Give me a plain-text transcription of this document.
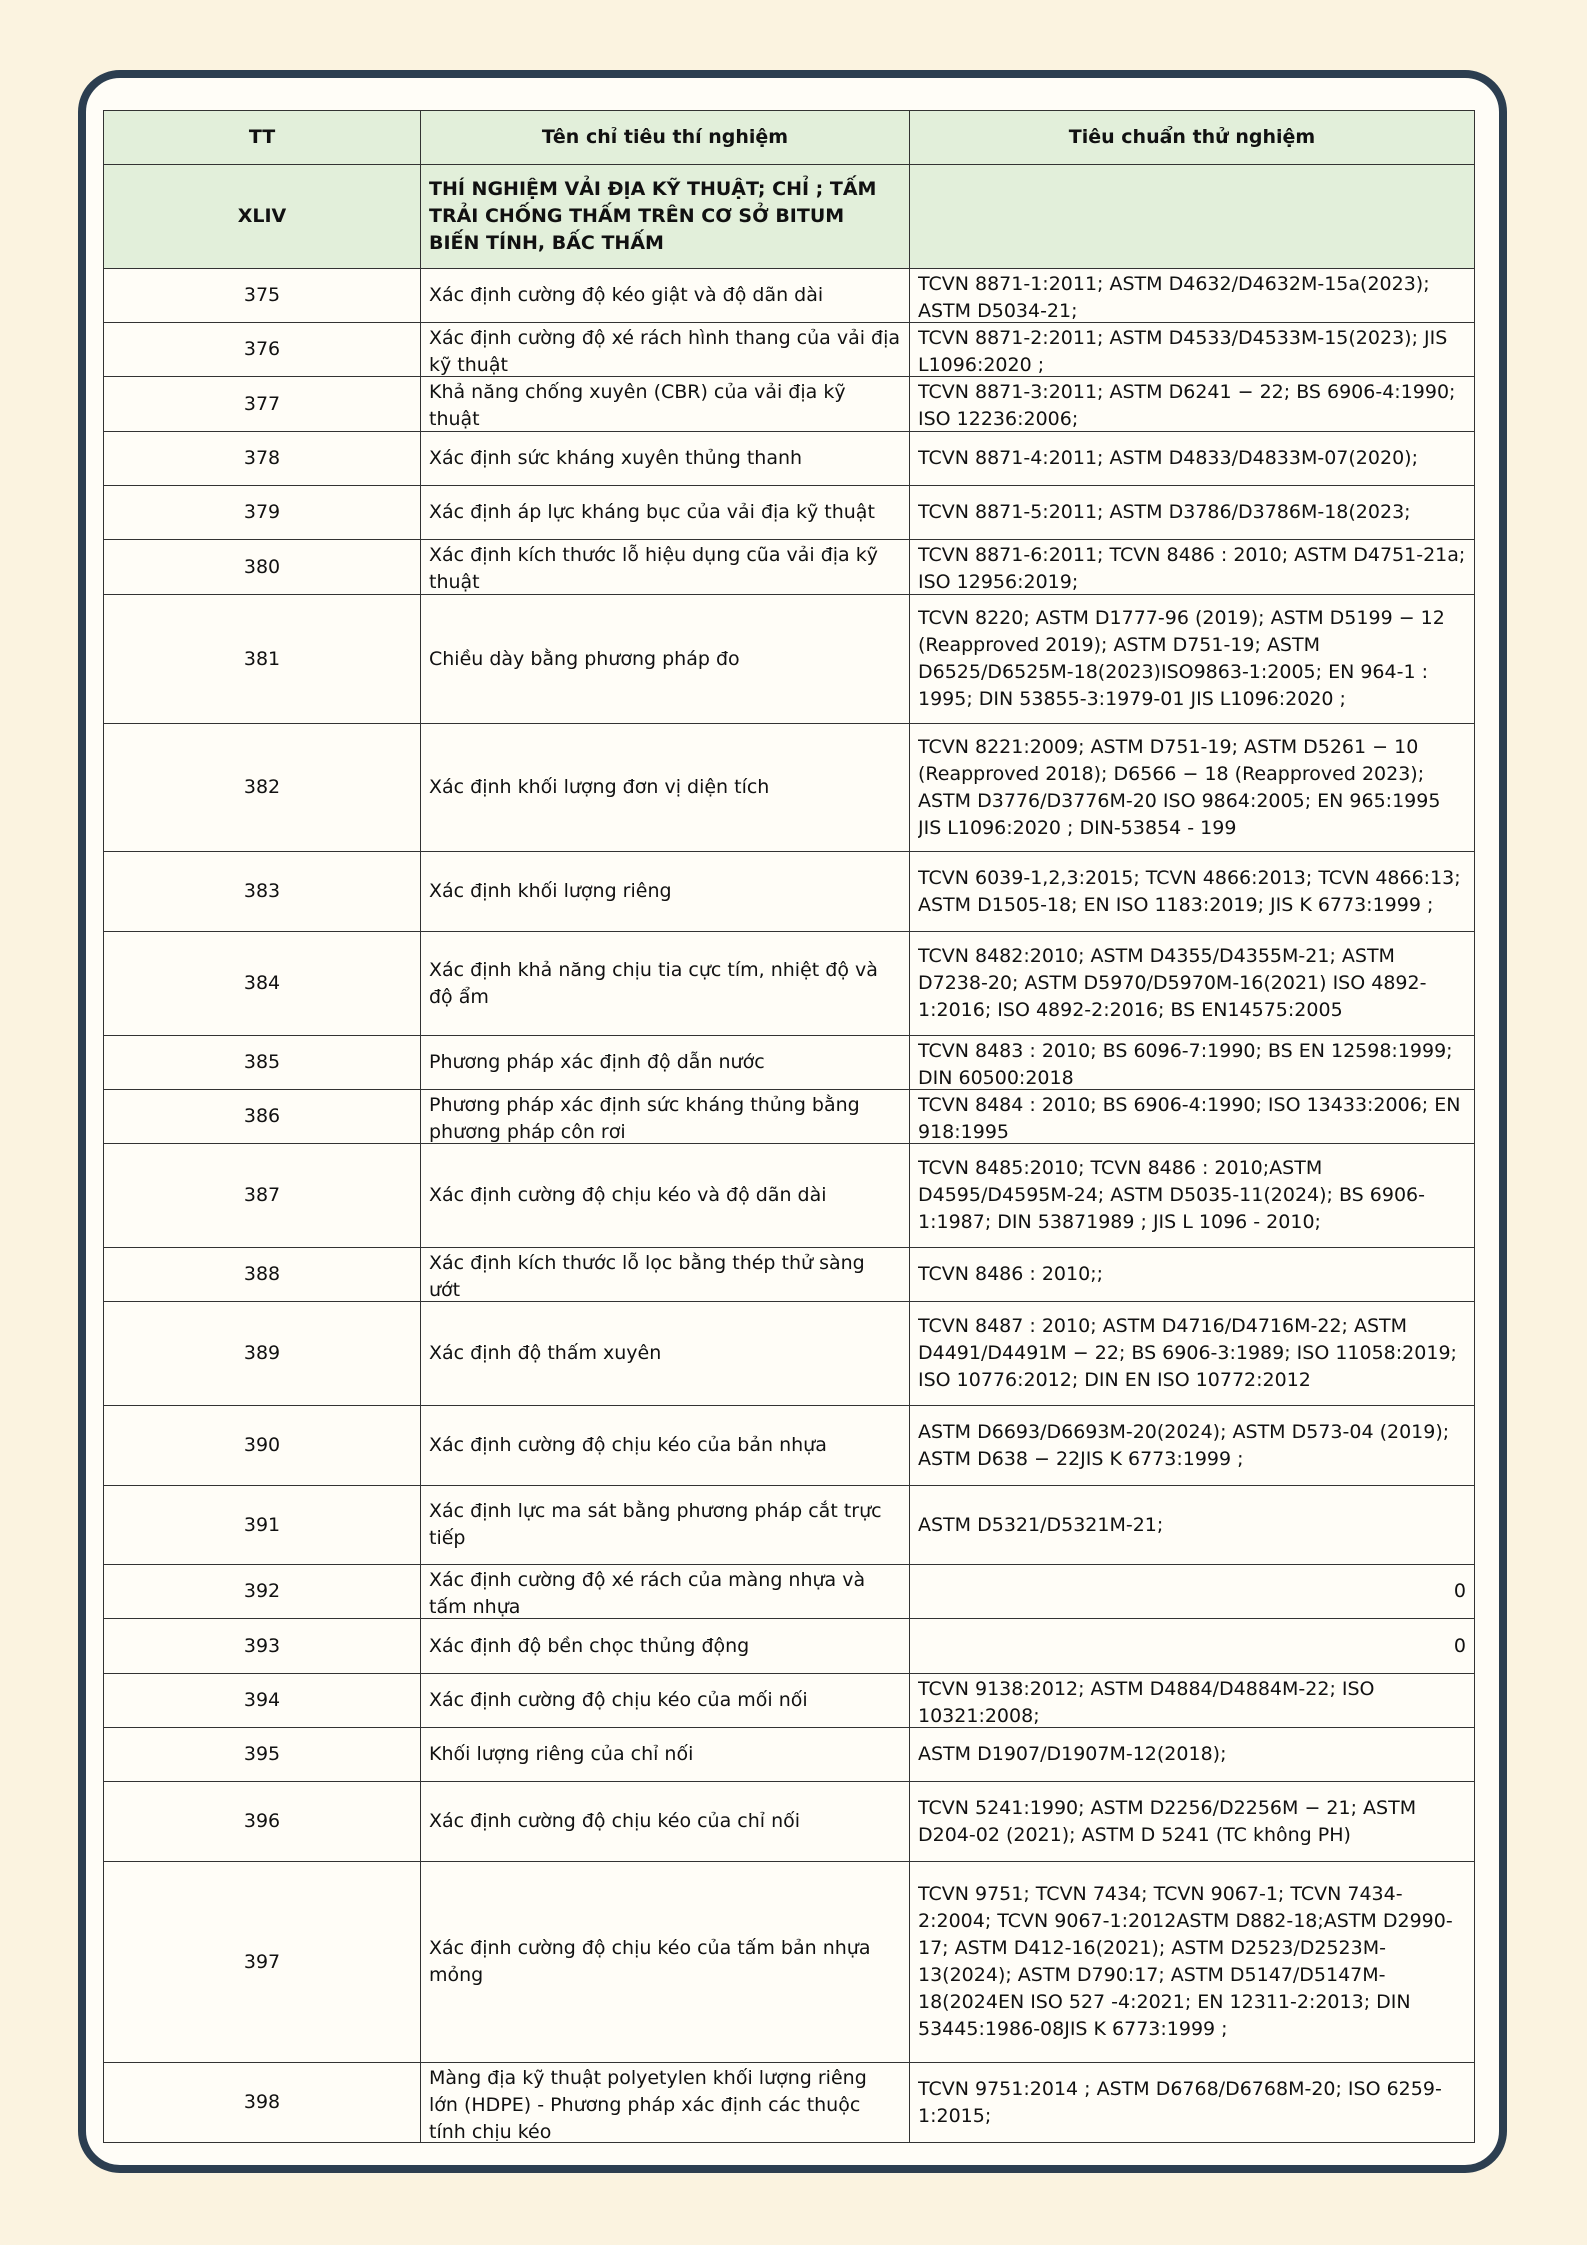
TT	Tên chỉ tiêu thí nghiệm	Tiêu chuẩn thử nghiệm
XLIV	THÍ NGHIỆM VẢI ĐỊA KỸ THUẬT; CHỈ ; TẤM TRẢI CHỐNG THẤM TRÊN CƠ SỞ BITUM BIẾN TÍNH, BẤC THẤM	

375	Xác định cường độ kéo giật và độ dãn dài	TCVN 8871-1:2011; ASTM D4632/D4632M-15a(2023); ASTM D5034-21;

376	Xác định cường độ xé rách hình thang của vải địa kỹ thuật	TCVN 8871-2:2011; ASTM D4533/D4533M-15(2023); JIS L1096:2020 ;

377	Khả năng chống xuyên (CBR) của vải địa kỹ thuật	TCVN 8871-3:2011; ASTM D6241 − 22; BS 6906-4:1990; ISO 12236:2006;

378	Xác định sức kháng xuyên thủng thanh	TCVN 8871-4:2011; ASTM D4833/D4833M-07(2020);

379	Xác định áp lực kháng bục của vải địa kỹ thuật	TCVN 8871-5:2011; ASTM D3786/D3786M-18(2023;

380	Xác định kích thước lỗ hiệu dụng cũa vải địa kỹ thuật	TCVN 8871-6:2011; TCVN 8486 : 2010; ASTM D4751-21a; ISO 12956:2019;

381	Chiều dày bằng phương pháp đo	TCVN 8220; ASTM D1777-96 (2019); ASTM D5199 − 12 (Reapproved 2019); ASTM D751-19; ASTM D6525/D6525M-18(2023)ISO9863-1:2005; EN 964-1 : 1995; DIN 53855-3:1979-01 JIS L1096:2020 ;

382	Xác định khối lượng đơn vị diện tích	TCVN 8221:2009; ASTM D751-19; ASTM D5261 − 10 (Reapproved 2018); D6566 − 18 (Reapproved 2023); ASTM D3776/D3776M-20 ISO 9864:2005; EN 965:1995 JIS L1096:2020 ; DIN-53854 - 199

383	Xác định khối lượng riêng	TCVN 6039-1,2,3:2015; TCVN 4866:2013; TCVN 4866:13; ASTM D1505-18; EN ISO 1183:2019; JIS K 6773:1999 ;

384	Xác định khả năng chịu tia cực tím, nhiệt độ và độ ẩm	TCVN 8482:2010; ASTM D4355/D4355M-21; ASTM D7238-20; ASTM D5970/D5970M-16(2021) ISO 4892-1:2016; ISO 4892-2:2016; BS EN14575:2005

385	Phương pháp xác định độ dẫn nước	TCVN 8483 : 2010; BS 6096-7:1990; BS EN 12598:1999; DIN 60500:2018

386	Phương pháp xác định sức kháng thủng bằng phương pháp côn rơi	TCVN 8484 : 2010; BS 6906-4:1990; ISO 13433:2006; EN 918:1995

387	Xác định cường độ chịu kéo và độ dãn dài	TCVN 8485:2010; TCVN 8486 : 2010;ASTM D4595/D4595M-24; ASTM D5035-11(2024); BS 6906-1:1987; DIN 53871989 ; JIS L 1096 - 2010;

388	Xác định kích thước lỗ lọc bằng thép thử sàng ướt	TCVN 8486 : 2010;;

389	Xác định độ thấm xuyên	TCVN 8487 : 2010; ASTM D4716/D4716M-22; ASTM D4491/D4491M − 22; BS 6906-3:1989; ISO 11058:2019; ISO 10776:2012; DIN EN ISO 10772:2012

390	Xác định cường độ chịu kéo của bản nhựa	ASTM D6693/D6693M-20(2024); ASTM D573-04 (2019); ASTM D638 − 22JIS K 6773:1999 ;

391	Xác định lực ma sát bằng phương pháp cắt trực tiếp	ASTM D5321/D5321M-21;

392	Xác định cường độ xé rách của màng nhựa và tấm nhựa	0

393	Xác định độ bền chọc thủng động	0

394	Xác định cường độ chịu kéo của mối nối	TCVN 9138:2012; ASTM D4884/D4884M-22; ISO 10321:2008;

395	Khối lượng riêng của chỉ nối	ASTM D1907/D1907M-12(2018);

396	Xác định cường độ chịu kéo của chỉ nối	TCVN 5241:1990; ASTM D2256/D2256M − 21; ASTM D204-02 (2021); ASTM D 5241 (TC không PH)

397	Xác định cường độ chịu kéo của tấm bản nhựa mỏng	TCVN 9751; TCVN 7434; TCVN 9067-1; TCVN 7434-2:2004; TCVN 9067-1:2012ASTM D882-18;ASTM D2990-17; ASTM D412-16(2021); ASTM D2523/D2523M-13(2024); ASTM D790:17; ASTM D5147/D5147M-18(2024EN ISO 527 -4:2021; EN 12311-2:2013; DIN 53445:1986-08JIS K 6773:1999 ;

398	Màng địa kỹ thuật polyetylen khối lượng riêng lớn (HDPE) - Phương pháp xác định các thuộc tính chịu kéo	TCVN 9751:2014 ; ASTM D6768/D6768M-20; ISO 6259-1:2015;
